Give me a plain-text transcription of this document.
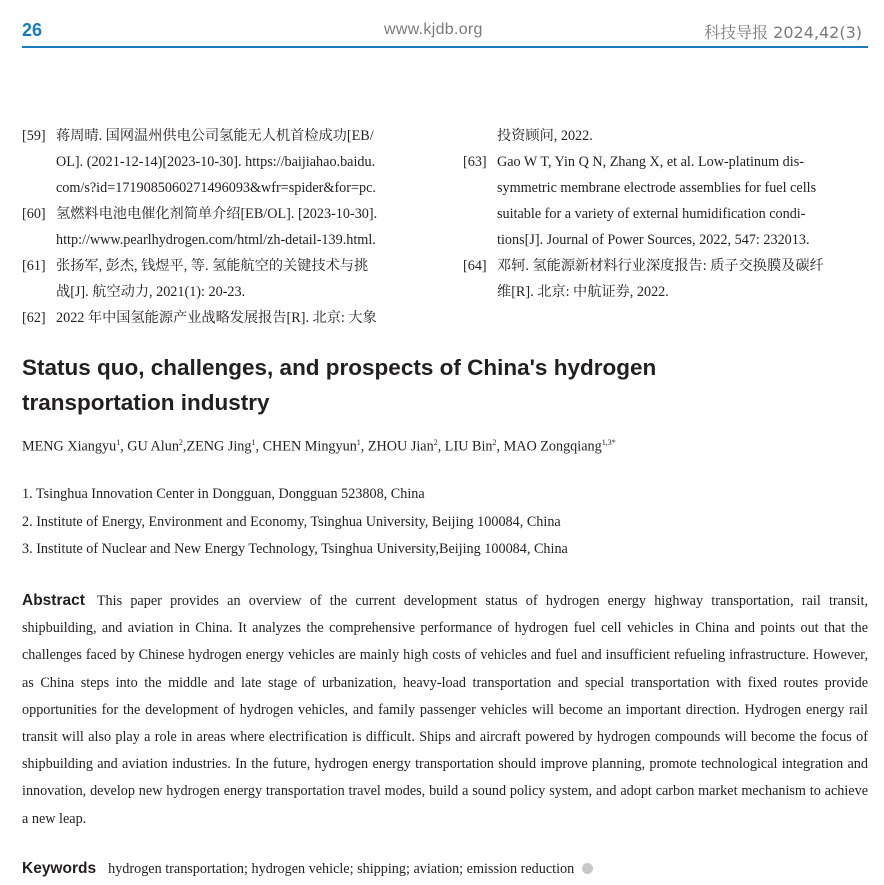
26	www.kjdb.org	科技导报 2024,42(3)
[59] 蒋周晴. 国网温州供电公司氢能无人机首检成功[EB/
OL]. (2021-12-14)[2023-10-30]. https://baijiahao.baidu.
com/s?id=1719085060271496093&wfr=spider&for=pc.
[60] 氢燃料电池电催化剂简单介绍[EB/OL]. [2023-10-30].
http://www.pearlhydrogen.com/html/zh-detail-139.html.
[61] 张扬军, 彭杰, 钱煜平, 等. 氢能航空的关键技术与挑
战[J]. 航空动力, 2021(1): 20-23.
[62] 2022 年中国氢能源产业战略发展报告[R]. 北京: 大象
投资顾问, 2022.
[63] Gao W T, Yin Q N, Zhang X, et al. Low-platinum dis-
symmetric membrane electrode assemblies for fuel cells
suitable for a variety of external humidification condi-
tions[J]. Journal of Power Sources, 2022, 547: 232013.
[64] 邓轲. 氢能源新材料行业深度报告: 质子交换膜及碳纤
维[R]. 北京: 中航证券, 2022.
Status quo, challenges, and prospects of China's hydrogen
transportation industry
MENG Xiangyu$^1$, GU Alun$^2$,ZENG Jing$^1$, CHEN Mingyun$^1$, ZHOU Jian$^2$, LIU Bin$^2$, MAO Zongqiang$^{1,3*}$
1. Tsinghua Innovation Center in Dongguan, Dongguan 523808, China
2. Institute of Energy, Environment and Economy, Tsinghua University, Beijing 100084, China
3. Institute of Nuclear and New Energy Technology, Tsinghua University,Beijing 100084, China
Abstract This paper provides an overview of the current development status of hydrogen energy highway transportation, rail transit, shipbuilding, and aviation in China. It analyzes the comprehensive performance of hydrogen fuel cell vehicles in China and points out that the challenges faced by Chinese hydrogen energy vehicles are mainly high costs of vehicles and fuel and insufficient refueling infrastructure. However, as China steps into the middle and late stage of urbanization, heavy-load transportation and special transportation with fixed routes provide opportunities for the development of hydrogen vehicles, and family passenger vehicles will become an important direction. Hydrogen energy rail transit will also play a role in areas where electrification is difficult. Ships and aircraft powered by hydrogen compounds will become the focus of shipbuilding and aviation industries. In the future, hydrogen energy transportation should improve planning, promote technological integration and innovation, develop new hydrogen energy transportation travel modes, build a sound policy system, and adopt carbon market mechanism to achieve a new leap.
Keywords hydrogen transportation; hydrogen vehicle; shipping; aviation; emission reduction
